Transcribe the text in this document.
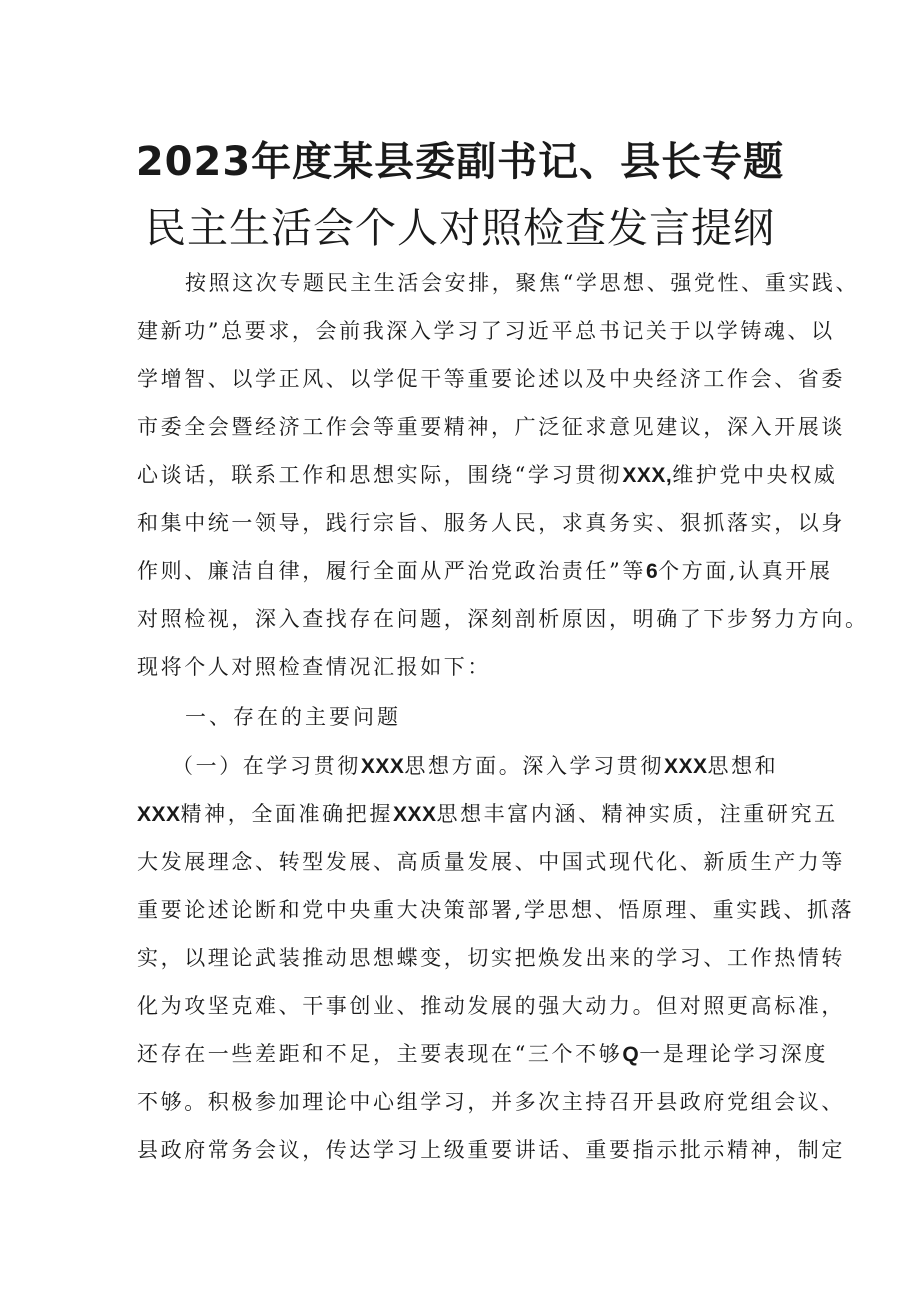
2023年度某县委副书记、县长专题
民主生活会个人对照检查发言提纲
按照这次专题民主生活会安排，聚焦“学思想、强党性、重实践、
建新功”总要求，会前我深入学习了习近平总书记关于以学铸魂、以
学增智、以学正风、以学促干等重要论述以及中央经济工作会、省委
市委全会暨经济工作会等重要精神，广泛征求意见建议，深入开展谈
心谈话，联系工作和思想实际，围绕“学习贯彻XXX,维护党中央权威
和集中统一领导，践行宗旨、服务人民，求真务实、狠抓落实，以身
作则、廉洁自律，履行全面从严治党政治责任”等6个方面,认真开展
对照检视，深入查找存在问题，深刻剖析原因，明确了下步努力方向。
现将个人对照检查情况汇报如下：
一、存在的主要问题
（一）在学习贯彻XXX思想方面。深入学习贯彻XXX思想和
XXX精神，全面准确把握XXX思想丰富内涵、精神实质，注重研究五
大发展理念、转型发展、高质量发展、中国式现代化、新质生产力等
重要论述论断和党中央重大决策部署,学思想、悟原理、重实践、抓落
实，以理论武装推动思想蝶变，切实把焕发出来的学习、工作热情转
化为攻坚克难、干事创业、推动发展的强大动力。但对照更高标准，
还存在一些差距和不足，主要表现在“三个不够Q一是理论学习深度
不够。积极参加理论中心组学习，并多次主持召开县政府党组会议、
县政府常务会议，传达学习上级重要讲话、重要指示批示精神，制定
